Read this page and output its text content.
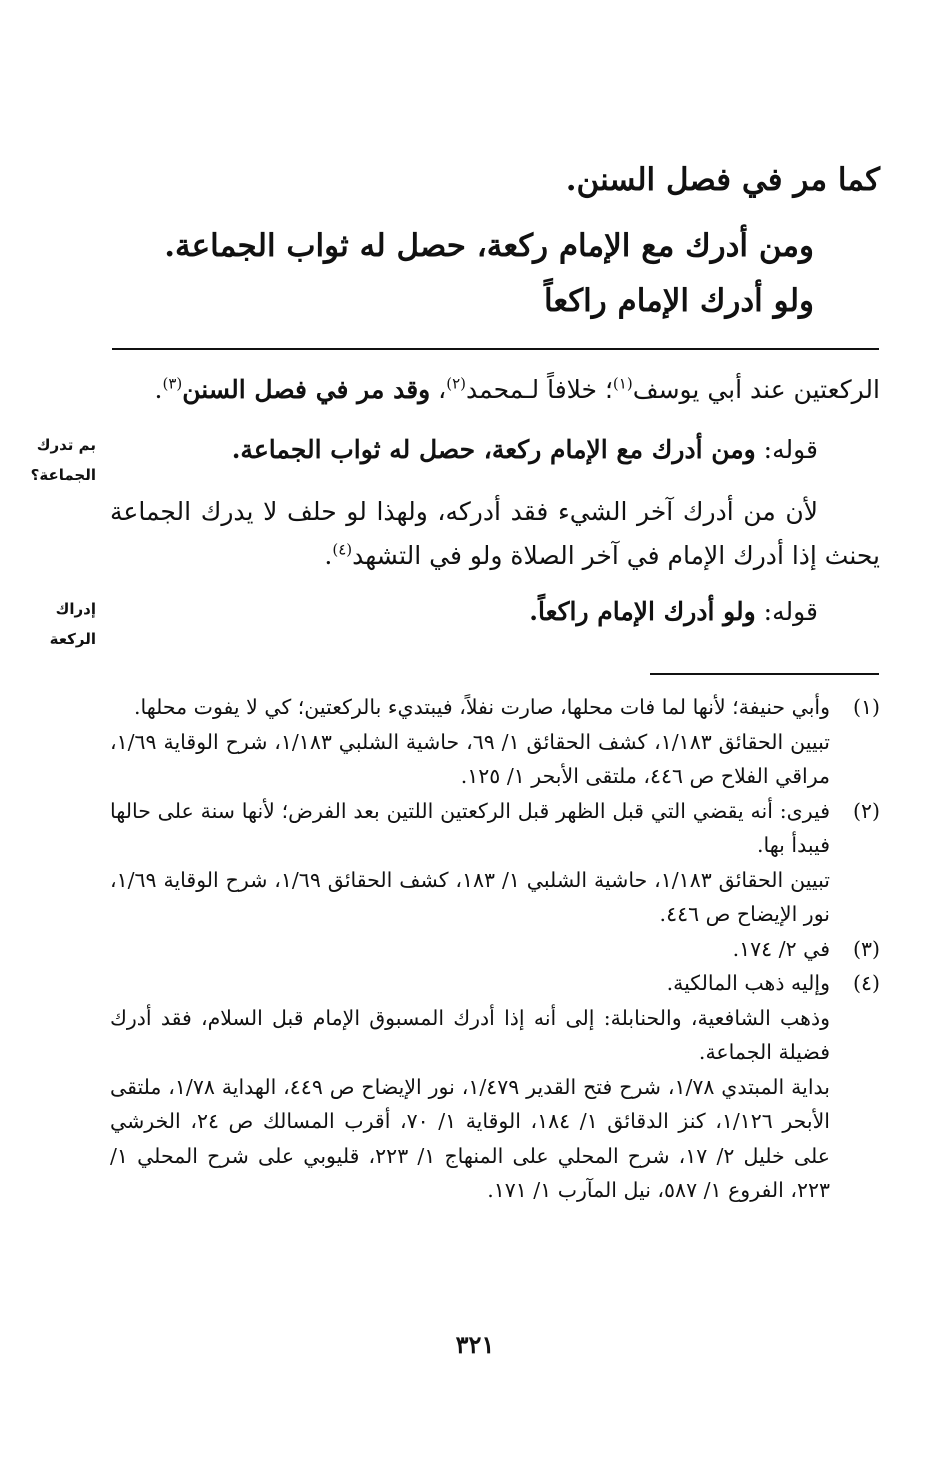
كما مر في فصل السنن.
ومن أدرك مع الإمام ركعة، حصل له ثواب الجماعة.
ولو أدرك الإمام راكعاً
الركعتين عند أبي يوسف$^{(١)}$؛ خلافاً لـمحمد$^{(٢)}$، وقد مر في فصل السنن$^{(٣)}$.
قوله: ومن أدرك مع الإمام ركعة، حصل له ثواب الجماعة.
لأن من أدرك آخر الشيء فقد أدركه، ولهذا لو حلف لا يدرك الجماعة يحنث إذا أدرك الإمام في آخر الصلاة ولو في التشهد$^{(٤)}$.
قوله: ولو أدرك الإمام راكعاً.
بم تدرك
الجماعة؟
إدراك
الركعة
(١)
وأبي حنيفة؛ لأنها لما فات محلها، صارت نفلاً، فيبتديء بالركعتين؛ كي لا يفوت محلها.
تبيين الحقائق ١/١٨٣، كشف الحقائق ١/ ٦٩، حاشية الشلبي ١/١٨٣، شرح الوقاية ١/٦٩، مراقي الفلاح ص ٤٤٦، ملتقى الأبحر ١/ ١٢٥.
(٢)
فيرى: أنه يقضي التي قبل الظهر قبل الركعتين اللتين بعد الفرض؛ لأنها سنة على حالها فيبدأ بها.
تبيين الحقائق ١/١٨٣، حاشية الشلبي ١/ ١٨٣، كشف الحقائق ١/٦٩، شرح الوقاية ١/٦٩، نور الإيضاح ص ٤٤٦.
(٣)
في ٢/ ١٧٤.
(٤)
وإليه ذهب المالكية.
وذهب الشافعية، والحنابلة: إلى أنه إذا أدرك المسبوق الإمام قبل السلام، فقد أدرك فضيلة الجماعة.
بداية المبتدي ١/٧٨، شرح فتح القدير ١/٤٧٩، نور الإيضاح ص ٤٤٩، الهداية ١/٧٨، ملتقى الأبحر ١/١٢٦، كنز الدقائق ١/ ١٨٤، الوقاية ١/ ٧٠، أقرب المسالك ص ٢٤، الخرشي على خليل ٢/ ١٧، شرح المحلي على المنهاج ١/ ٢٢٣، قليوبي على شرح المحلي ١/ ٢٢٣، الفروع ١/ ٥٨٧، نيل المآرب ١/ ١٧١.
٣٢١
